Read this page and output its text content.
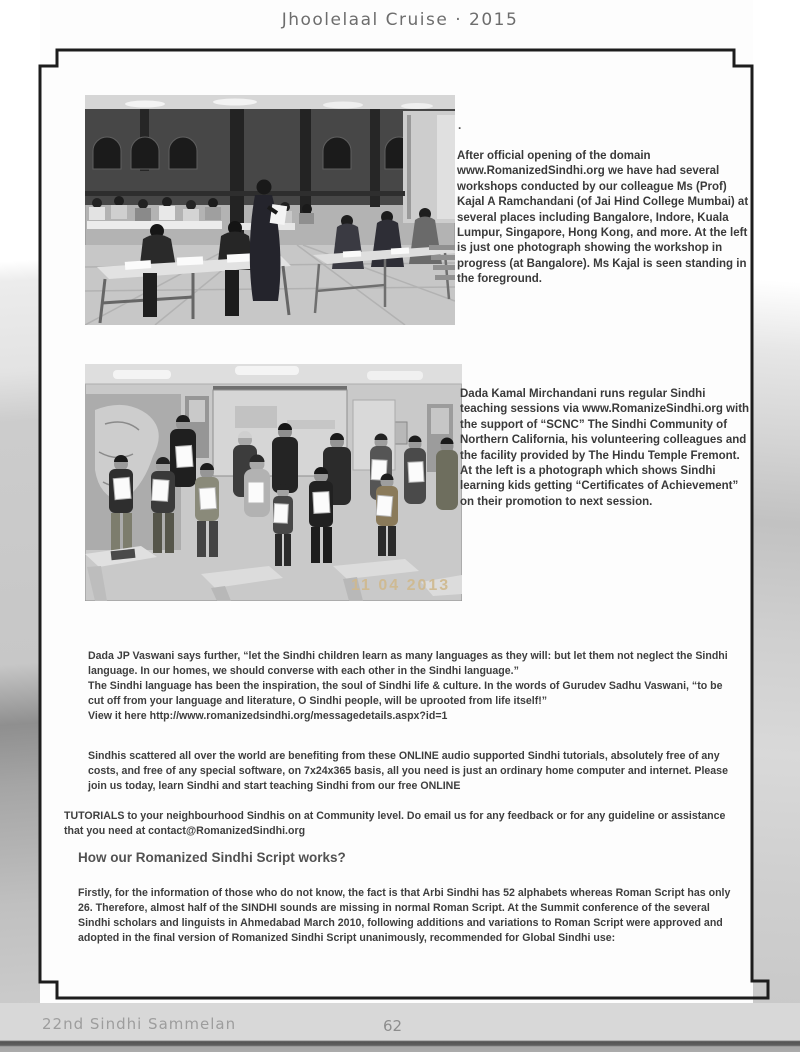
Jhoolelaal Cruise · 2015
.
After official opening of the domain www.RomanizedSindhi.org we have had several workshops conducted by our colleague Ms (Prof) Kajal A Ramchandani (of Jai Hind College Mumbai) at several places including Bangalore, Indore, Kuala Lumpur, Singapore, Hong Kong, and more. At the left is just one photograph showing the workshop in progress (at Bangalore). Ms Kajal is seen standing in the foreground.
11 04 2013
Dada Kamal Mirchandani runs regular Sindhi teaching sessions via www.RomanizeSindhi.org with the support of “SCNC” The Sindhi Community of Northern California, his volunteering colleagues and the facility provided by The Hindu Temple Fremont.
At the left is a photograph which shows Sindhi learning kids getting “Certificates of Achievement” on their promotion to next session.
Dada JP Vaswani says further, “let the Sindhi children learn as many languages as they will: but let them not neglect the Sindhi language. In our homes, we should converse with each other in the Sindhi language.”
The Sindhi language has been the inspiration, the soul of Sindhi life & culture. In the words of Gurudev Sadhu Vaswani, “to be cut off from your language and literature, O Sindhi people, will be uprooted from life itself!”
View it here http://www.romanizedsindhi.org/messagedetails.aspx?id=1
Sindhis scattered all over the world are benefiting from these ONLINE audio supported Sindhi tutorials, absolutely free of any costs, and free of any special software, on 7x24x365 basis, all you need is just an ordinary home computer and internet. Please join us today, learn Sindhi and start teaching Sindhi from our free ONLINE
TUTORIALS to your neighbourhood Sindhis on at Community level. Do email us for any feedback or for any guideline or assistance that you need at contact@RomanizedSindhi.org
How our Romanized Sindhi Script works?
Firstly, for the information of those who do not know, the fact is that Arbi Sindhi has 52 alphabets whereas Roman Script has only 26. Therefore, almost half of the SINDHI sounds are missing in normal Roman Script. At the Summit conference of the several Sindhi scholars and linguists in Ahmedabad March 2010, following additions and variations to Roman Script were approved and adopted in the final version of Romanized Sindhi Script unanimously, recommended for Global Sindhi use:
22nd Sindhi Sammelan	62
